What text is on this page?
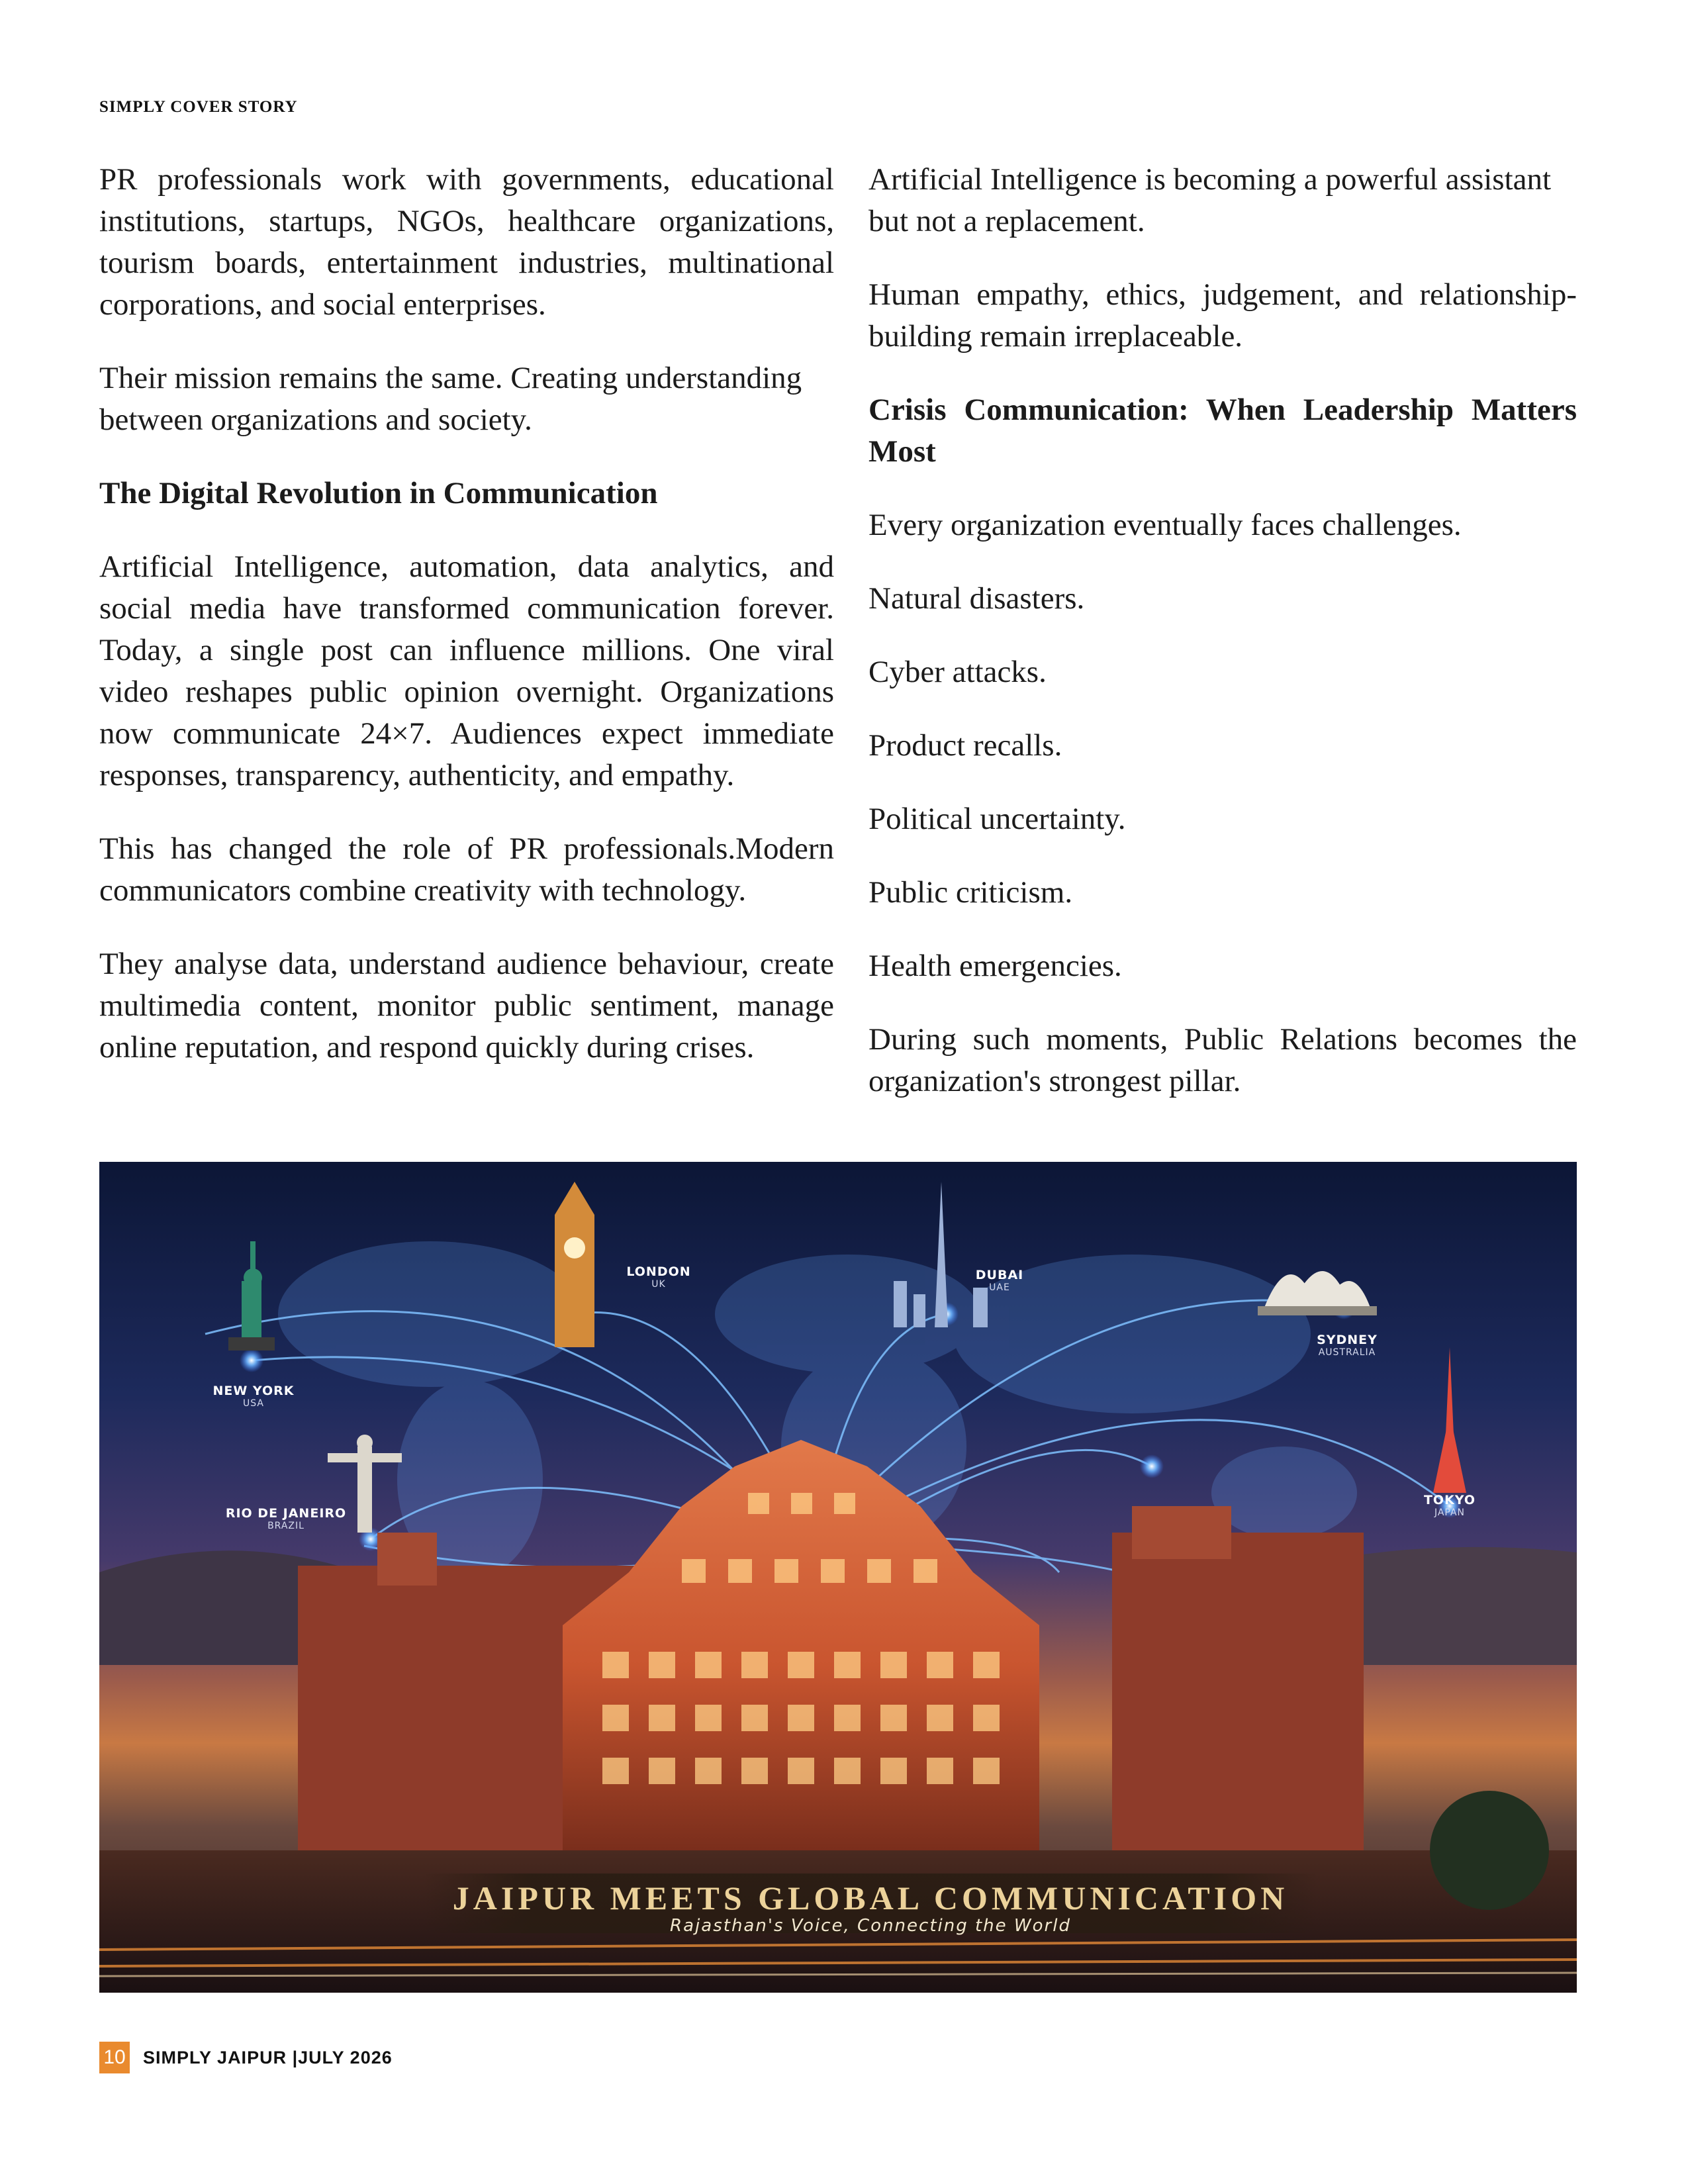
SIMPLY COVER STORY

PR professionals work with governments, educational institutions, startups, NGOs, healthcare organizations, tourism boards, entertainment industries, multinational corporations, and social enterprises.

Their mission remains the same. Creating understanding between organizations and society.

The Digital Revolution in Communication

Artificial Intelligence, automation, data analytics, and social media have transformed communication forever. Today, a single post can influence millions. One viral video reshapes public opinion overnight. Organizations now communicate 24×7. Audiences expect immediate responses, transparency, authenticity, and empathy.

This has changed the role of PR professionals.Modern communicators combine creativity with technology.

They analyse data, understand audience behaviour, create multimedia content, monitor public sentiment, manage online reputation, and respond quickly during crises.

Artificial Intelligence is becoming a powerful assistant but not a replacement.

Human empathy, ethics, judgement, and relationship-building remain irreplaceable.

Crisis Communication: When Leadership Matters Most

Every organization eventually faces challenges.

Natural disasters.

Cyber attacks.

Product recalls.

Political uncertainty.

Public criticism.

Health emergencies.

During such moments, Public Relations becomes the organization's strongest pillar.

NEW YORK
USA
LONDON
UK
DUBAI
UAE
SYDNEY
AUSTRALIA
RIO DE JANEIRO
BRAZIL
TOKYO
JAPAN
JAIPUR MEETS GLOBAL COMMUNICATION
Rajasthan's Voice, Connecting the World
10 SIMPLY JAIPUR |JULY 2026
